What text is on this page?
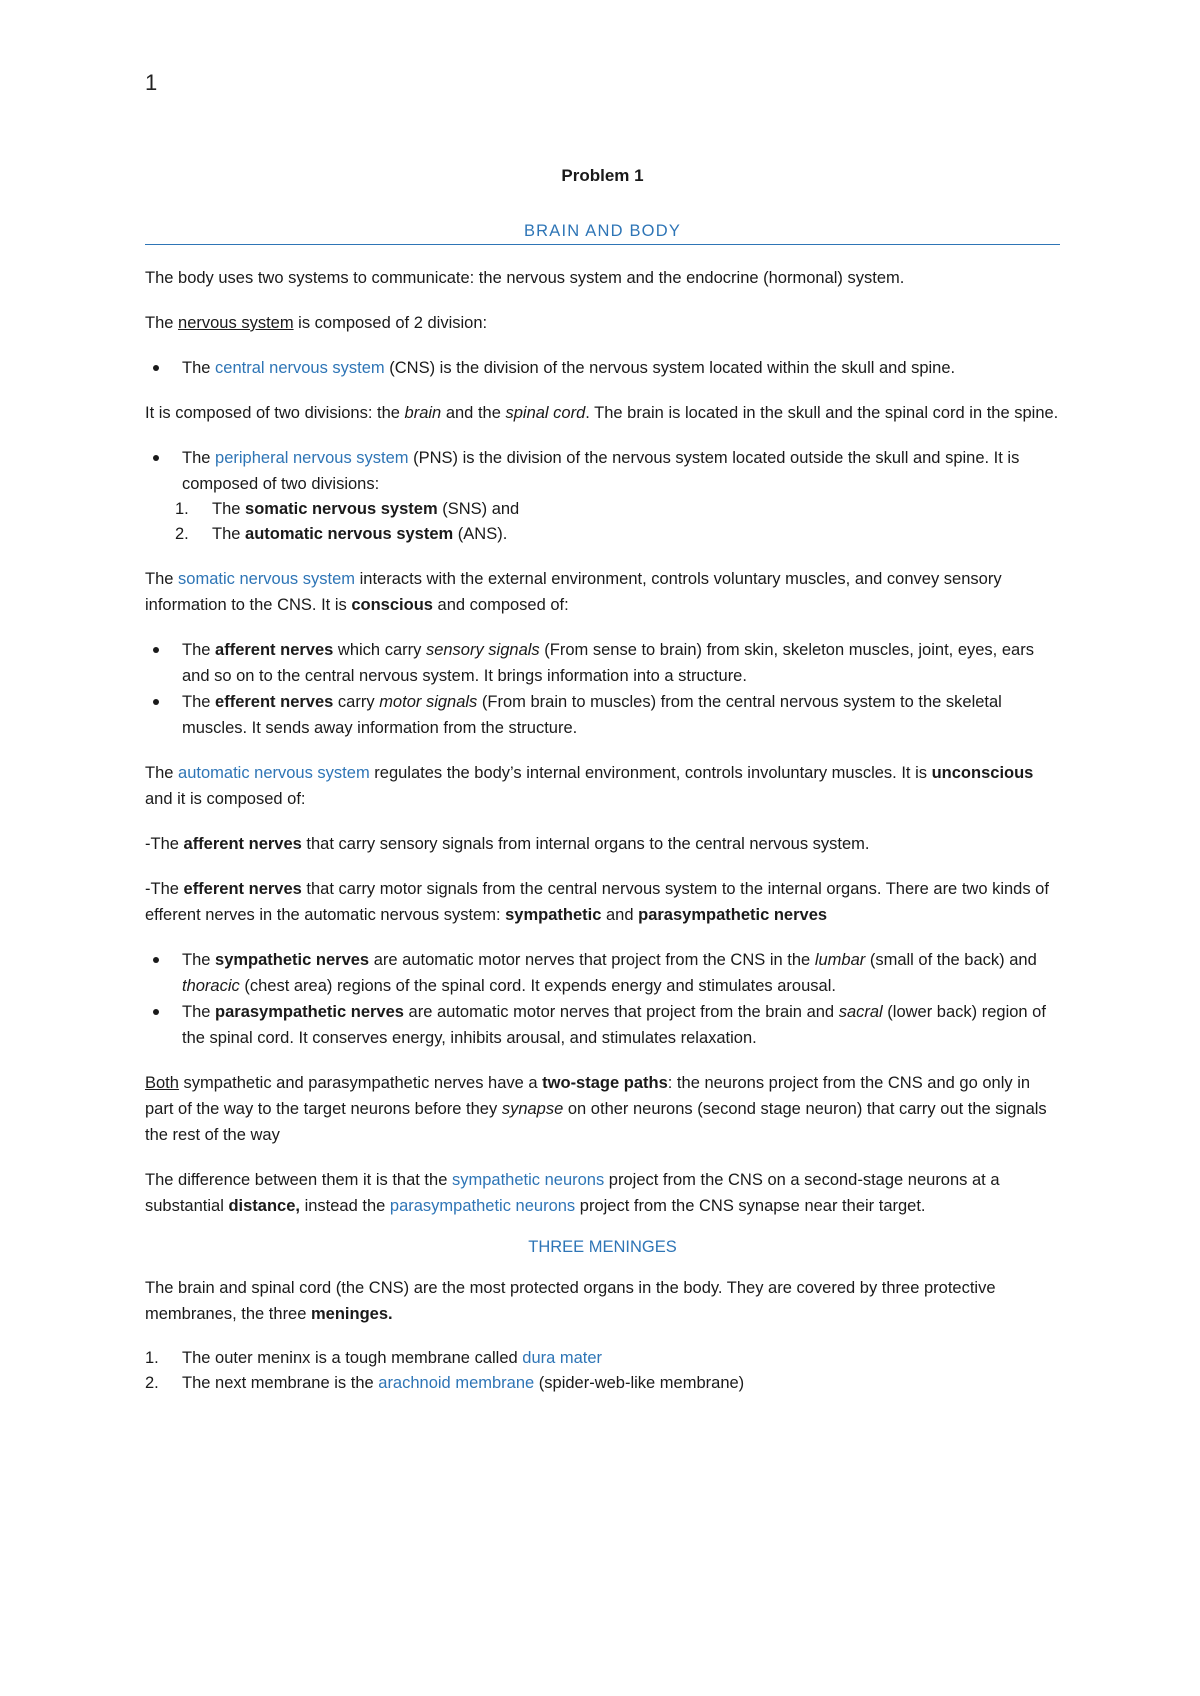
1
Problem 1
BRAIN AND BODY

The body uses two systems to communicate: the nervous system and the endocrine (hormonal) system.

The nervous system is composed of 2 division:

The central nervous system (CNS) is the division of the nervous system located within the skull and spine.

It is composed of two divisions: the brain and the spinal cord. The brain is located in the skull and the spinal cord in the spine.

The peripheral nervous system (PNS) is the division of the nervous system located outside the skull and spine. It is composed of two divisions:
1.	The somatic nervous system (SNS) and
2.	The automatic nervous system (ANS).

The somatic nervous system interacts with the external environment, controls voluntary muscles, and convey sensory information to the CNS. It is conscious and composed of:

The afferent nerves which carry sensory signals (From sense to brain) from skin, skeleton muscles, joint, eyes, ears and so on to the central nervous system. It brings information into a structure.
The efferent nerves carry motor signals (From brain to muscles) from the central nervous system to the skeletal muscles. It sends away information from the structure.

The automatic nervous system regulates the body’s internal environment, controls involuntary muscles. It is unconscious and it is composed of:

-The afferent nerves that carry sensory signals from internal organs to the central nervous system.

-The efferent nerves that carry motor signals from the central nervous system to the internal organs. There are two kinds of efferent nerves in the automatic nervous system: sympathetic and parasympathetic nerves

The sympathetic nerves are automatic motor nerves that project from the CNS in the lumbar (small of the back) and thoracic (chest area) regions of the spinal cord. It expends energy and stimulates arousal.
The parasympathetic nerves are automatic motor nerves that project from the brain and sacral (lower back) region of the spinal cord. It conserves energy, inhibits arousal, and stimulates relaxation.

Both sympathetic and parasympathetic nerves have a two-stage paths: the neurons project from the CNS and go only in part of the way to the target neurons before they synapse on other neurons (second stage neuron) that carry out the signals the rest of the way

The difference between them it is that the sympathetic neurons project from the CNS on a second-stage neurons at a substantial distance, instead the parasympathetic neurons project from the CNS synapse near their target.

THREE MENINGES

The brain and spinal cord (the CNS) are the most protected organs in the body. They are covered by three protective membranes, the three meninges.

1.	The outer meninx is a tough membrane called dura mater
2.	The next membrane is the arachnoid membrane (spider-web-like membrane)
